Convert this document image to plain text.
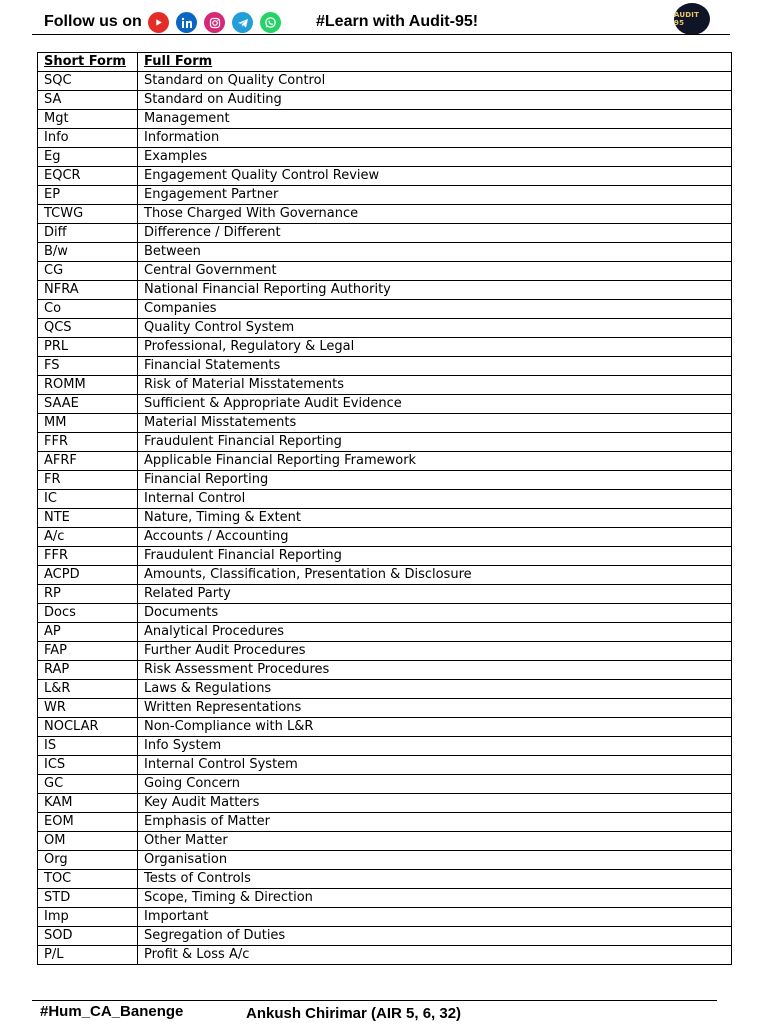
Follow us on	#Learn with Audit-95!	AUDIT 95
Short Form	Full Form
SQC	Standard on Quality Control
SA	Standard on Auditing
Mgt	Management
Info	Information
Eg	Examples
EQCR	Engagement Quality Control Review
EP	Engagement Partner
TCWG	Those Charged With Governance
Diff	Difference / Different
B/w	Between
CG	Central Government
NFRA	National Financial Reporting Authority
Co	Companies
QCS	Quality Control System
PRL	Professional, Regulatory & Legal
FS	Financial Statements
ROMM	Risk of Material Misstatements
SAAE	Sufficient & Appropriate Audit Evidence
MM	Material Misstatements
FFR	Fraudulent Financial Reporting
AFRF	Applicable Financial Reporting Framework
FR	Financial Reporting
IC	Internal Control
NTE	Nature, Timing & Extent
A/c	Accounts / Accounting
FFR	Fraudulent Financial Reporting
ACPD	Amounts, Classification, Presentation & Disclosure
RP	Related Party
Docs	Documents
AP	Analytical Procedures
FAP	Further Audit Procedures
RAP	Risk Assessment Procedures
L&R	Laws & Regulations
WR	Written Representations
NOCLAR	Non-Compliance with L&R
IS	Info System
ICS	Internal Control System
GC	Going Concern
KAM	Key Audit Matters
EOM	Emphasis of Matter
OM	Other Matter
Org	Organisation
TOC	Tests of Controls
STD	Scope, Timing & Direction
Imp	Important
SOD	Segregation of Duties
P/L	Profit & Loss A/c
#Hum_CA_Banenge	Ankush Chirimar (AIR 5, 6, 32)
